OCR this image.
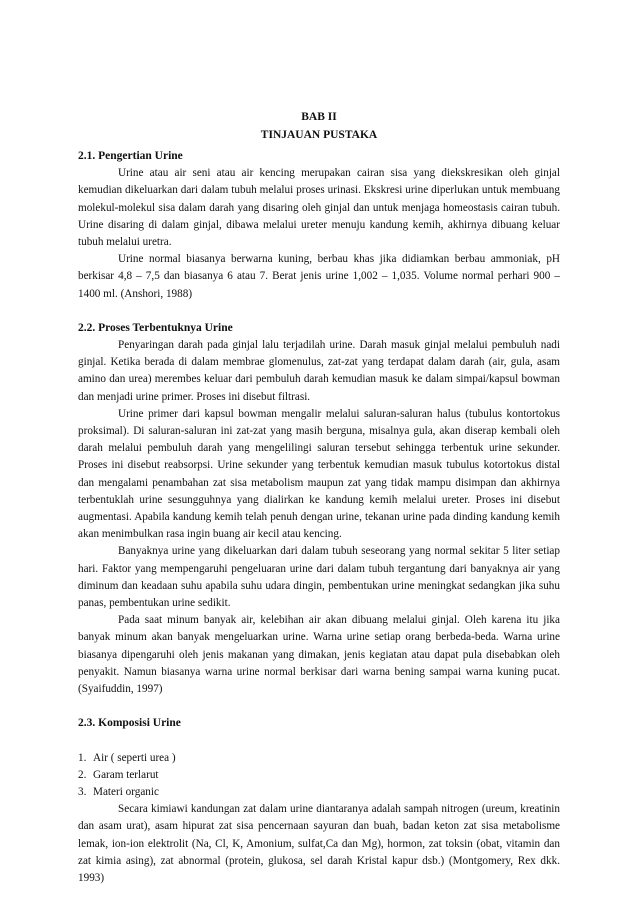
BAB II

TINJAUAN PUSTAKA

2.1. Pengertian Urine

Urine atau air seni atau air kencing merupakan cairan sisa yang diekskresikan oleh ginjal kemudian dikeluarkan dari dalam tubuh melalui proses urinasi. Ekskresi urine diperlukan untuk membuang molekul-molekul sisa dalam darah yang disaring oleh ginjal dan untuk menjaga homeostasis cairan tubuh. Urine disaring di dalam ginjal, dibawa melalui ureter menuju kandung kemih, akhirnya dibuang keluar tubuh melalui uretra.

Urine normal biasanya berwarna kuning, berbau khas jika didiamkan berbau ammoniak, pH berkisar 4,8 – 7,5 dan biasanya 6 atau 7. Berat jenis urine 1,002 – 1,035. Volume normal perhari 900 – 1400 ml. (Anshori, 1988)

2.2. Proses Terbentuknya Urine

Penyaringan darah pada ginjal lalu terjadilah urine. Darah masuk ginjal melalui pembuluh nadi ginjal. Ketika berada di dalam membrae glomenulus, zat-zat yang terdapat dalam darah (air, gula, asam amino dan urea) merembes keluar dari pembuluh darah kemudian masuk ke dalam simpai/kapsul bowman dan menjadi urine primer. Proses ini disebut filtrasi.

Urine primer dari kapsul bowman mengalir melalui saluran-saluran halus (tubulus kontortokus proksimal). Di saluran-saluran ini zat-zat yang masih berguna, misalnya gula, akan diserap kembali oleh darah melalui pembuluh darah yang mengelilingi saluran tersebut sehingga terbentuk urine sekunder. Proses ini disebut reabsorpsi. Urine sekunder yang terbentuk kemudian masuk tubulus kotortokus distal dan mengalami penambahan zat sisa metabolism maupun zat yang tidak mampu disimpan dan akhirnya terbentuklah urine sesungguhnya yang dialirkan ke kandung kemih melalui ureter. Proses ini disebut augmentasi. Apabila kandung kemih telah penuh dengan urine, tekanan urine pada dinding kandung kemih akan menimbulkan rasa ingin buang air kecil atau kencing.

Banyaknya urine yang dikeluarkan dari dalam tubuh seseorang yang normal sekitar 5 liter setiap hari. Faktor yang mempengaruhi pengeluaran urine dari dalam tubuh tergantung dari banyaknya air yang diminum dan keadaan suhu apabila suhu udara dingin, pembentukan urine meningkat sedangkan jika suhu panas, pembentukan urine sedikit.

Pada saat minum banyak air, kelebihan air akan dibuang melalui ginjal. Oleh karena itu jika banyak minum akan banyak mengeluarkan urine. Warna urine setiap orang berbeda-beda. Warna urine biasanya dipengaruhi oleh jenis makanan yang dimakan, jenis kegiatan atau dapat pula disebabkan oleh penyakit. Namun biasanya warna urine normal berkisar dari warna bening sampai warna kuning pucat.(Syaifuddin, 1997)

2.3. Komposisi Urine

1. Air ( seperti urea )
2. Garam terlarut
3. Materi organic

Secara kimiawi kandungan zat dalam urine diantaranya adalah sampah nitrogen (ureum, kreatinin dan asam urat), asam hipurat zat sisa pencernaan sayuran dan buah, badan keton zat sisa metabolisme lemak, ion-ion elektrolit (Na, Cl, K, Amonium, sulfat,Ca dan Mg), hormon, zat toksin (obat, vitamin dan zat kimia asing), zat abnormal (protein, glukosa, sel darah Kristal kapur dsb.) (Montgomery, Rex dkk. 1993)
